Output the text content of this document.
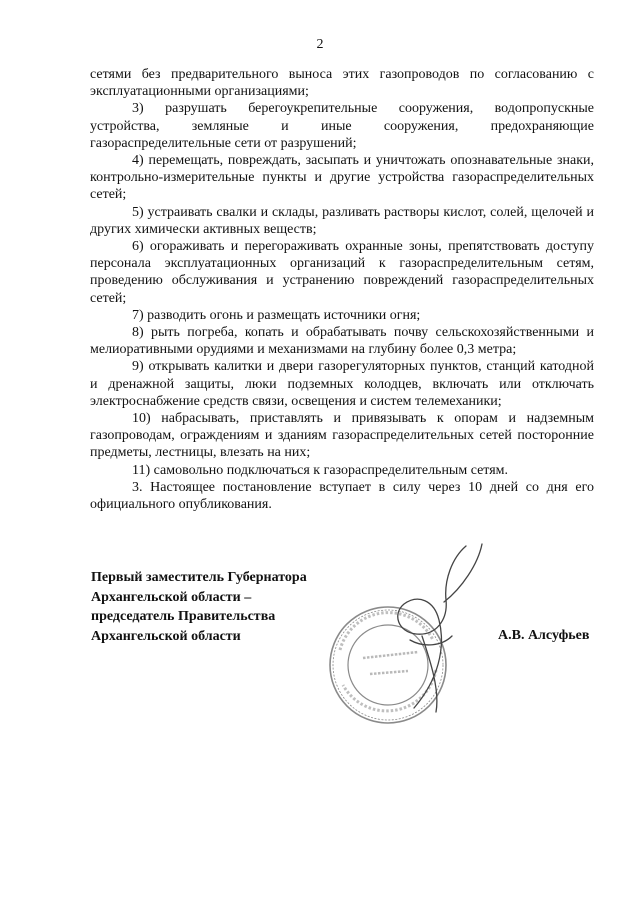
2

сетями без предварительного выноса этих газопроводов по согласованию с эксплуатационными организациями;

3) разрушать берегоукрепительные сооружения, водопропускные устройства, земляные и иные сооружения, предохраняющие газораспределительные сети от разрушений;

4) перемещать, повреждать, засыпать и уничтожать опознавательные знаки, контрольно-измерительные пункты и другие устройства газораспределительных сетей;

5) устраивать свалки и склады, разливать растворы кислот, солей, щелочей и других химически активных веществ;

6) огораживать и перегораживать охранные зоны, препятствовать доступу персонала эксплуатационных организаций к газораспределительным сетям, проведению обслуживания и устранению повреждений газораспределительных сетей;

7) разводить огонь и размещать источники огня;

8) рыть погреба, копать и обрабатывать почву сельскохозяйственными и мелиоративными орудиями и механизмами на глубину более 0,3 метра;

9) открывать калитки и двери газорегуляторных пунктов, станций катодной и дренажной защиты, люки подземных колодцев, включать или отключать электроснабжение средств связи, освещения и систем телемеханики;

10) набрасывать, приставлять и привязывать к опорам и надземным газопроводам, ограждениям и зданиям газораспределительных сетей посторонние предметы, лестницы, влезать на них;

11) самовольно подключаться к газораспределительным сетям.

3. Настоящее постановление вступает в силу через 10 дней со дня его официального опубликования.

Первый заместитель Губернатора
Архангельской области –
председатель Правительства
Архангельской области	А.В. Алсуфьев
